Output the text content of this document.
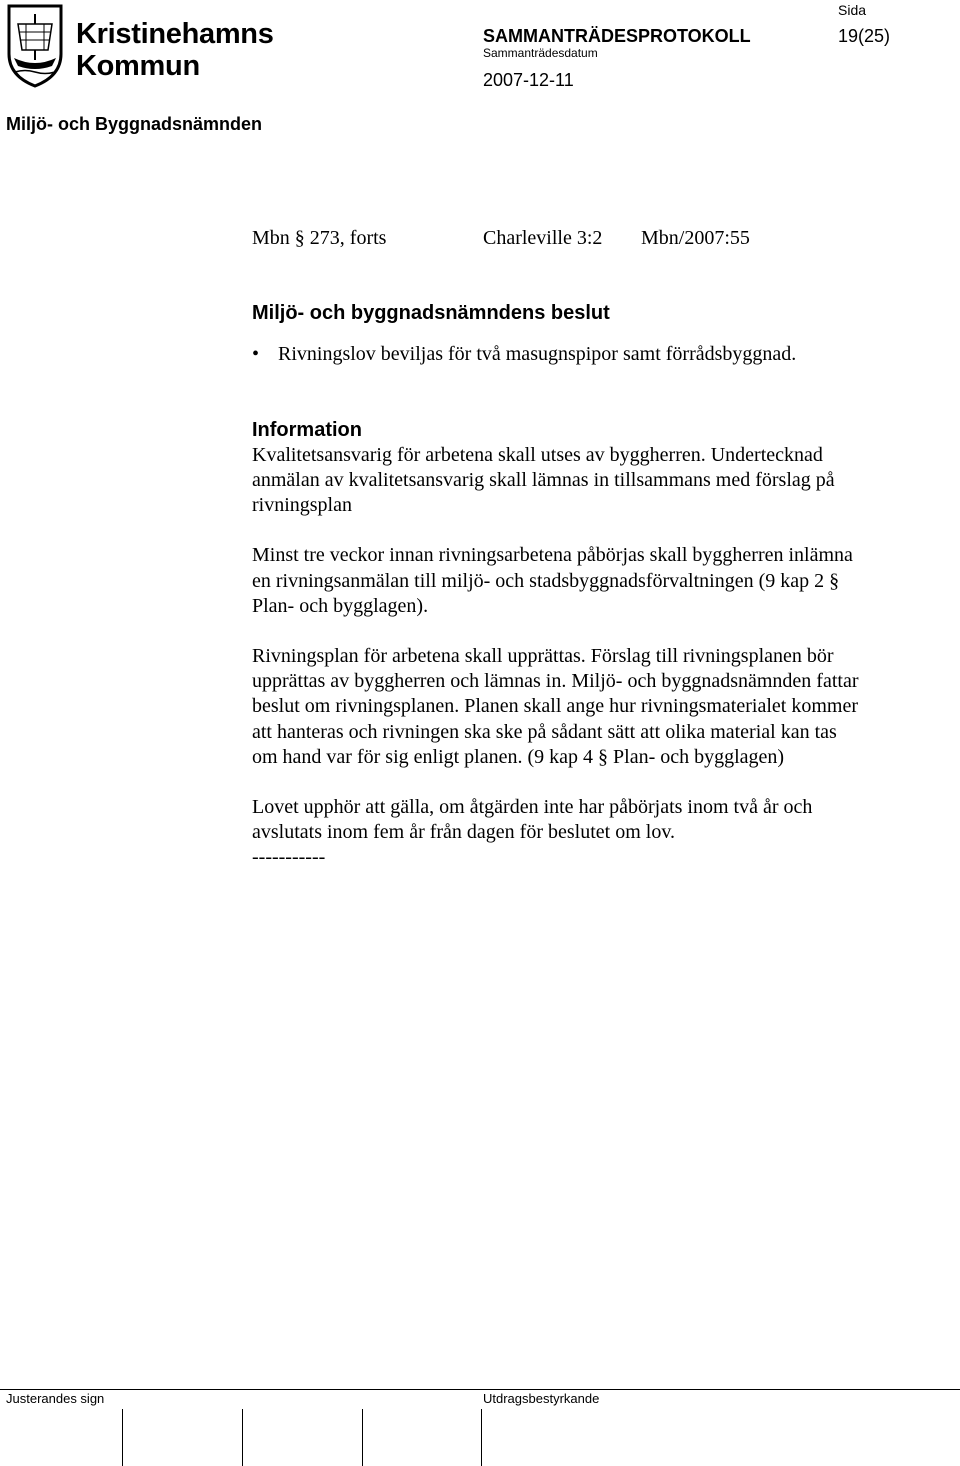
Kristinehamns
Kommun
Sida
SAMMANTRÄDESPROTOKOLL	19(25)
Sammanträdesdatum
2007-12-11
Miljö- och Byggnadsnämnden
Mbn § 273, forts	Charleville 3:2	Mbn/2007:55

Miljö- och byggnadsnämndens beslut

• Rivningslov beviljas för två masugnspipor samt förrådsbyggnad.

Information

Kvalitetsansvarig för arbetena skall utses av byggherren. Undertecknad anmälan av kvalitetsansvarig skall lämnas in tillsammans med förslag på rivningsplan

Minst tre veckor innan rivningsarbetena påbörjas skall byggherren inlämna en rivningsanmälan till miljö- och stadsbyggnadsförvaltningen (9 kap 2 § Plan- och bygglagen).

Rivningsplan för arbetena skall upprättas. Förslag till rivningsplanen bör upprättas av byggherren och lämnas in. Miljö- och byggnadsnämnden fattar beslut om rivningsplanen. Planen skall ange hur rivningsmaterialet kommer att hanteras och rivningen ska ske på sådant sätt att olika material kan tas om hand var för sig enligt planen. (9 kap 4 § Plan- och bygglagen)

Lovet upphör att gälla, om åtgärden inte har påbörjats inom två år och avslutats inom fem år från dagen för beslutet om lov.

-----------

Justerandes sign	Utdragsbestyrkande
